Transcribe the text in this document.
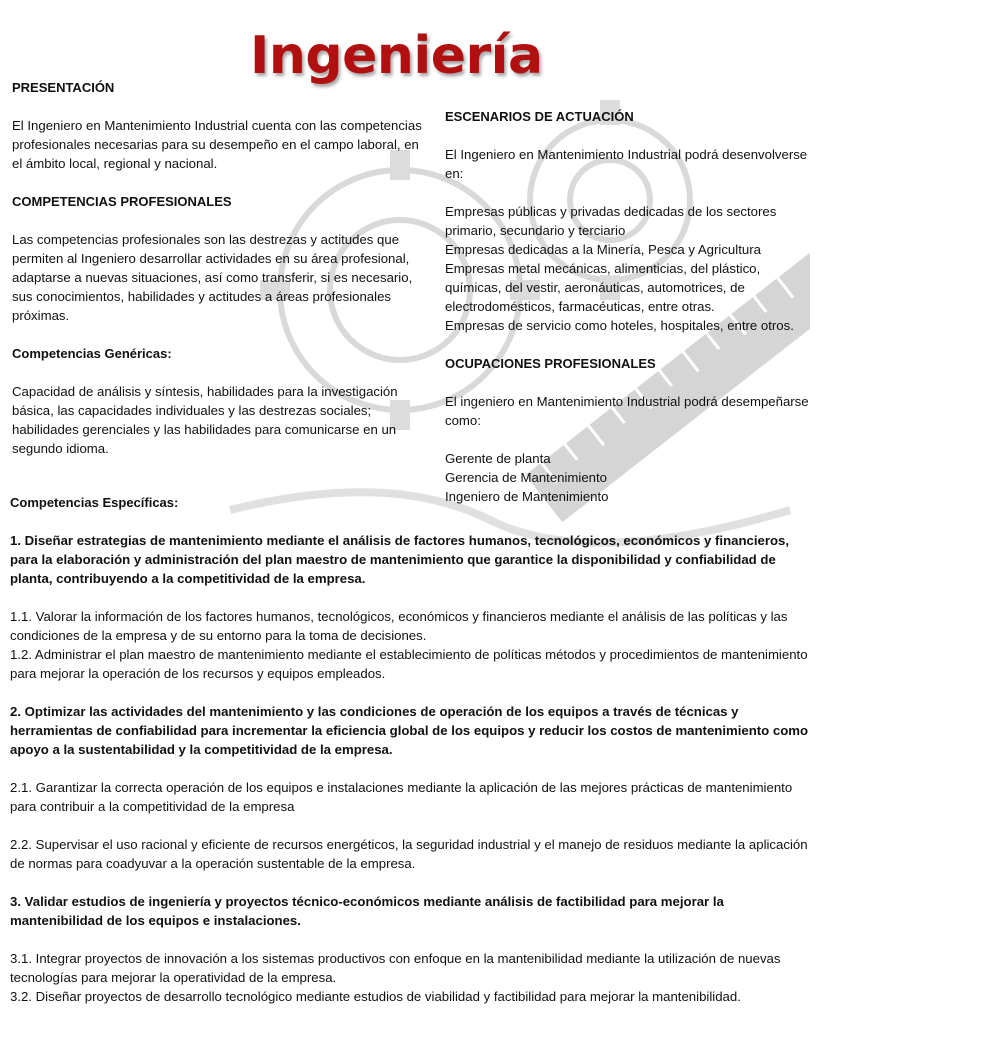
Ingeniería
PRESENTACIÓN

El Ingeniero en Mantenimiento Industrial cuenta con las competencias profesionales necesarias para su desempeño en el campo laboral, en el ámbito local, regional y nacional.

COMPETENCIAS PROFESIONALES

Las competencias profesionales son las destrezas y actitudes que permiten al Ingeniero desarrollar actividades en su área profesional, adaptarse a nuevas situaciones, así como transferir, si es necesario, sus conocimientos, habilidades y actitudes a áreas profesionales próximas.

Competencias Genéricas:

Capacidad de análisis y síntesis, habilidades para la investigación básica, las capacidades individuales y las destrezas sociales; habilidades gerenciales y las habilidades para comunicarse en un segundo idioma.

ESCENARIOS DE ACTUACIÓN

El Ingeniero en Mantenimiento Industrial podrá desenvolverse en:

Empresas públicas y privadas dedicadas de los sectores primario, secundario y terciario
Empresas dedicadas a la Minería, Pesca y Agricultura
Empresas metal mecánicas, alimenticias, del plástico, químicas, del vestir, aeronáuticas, automotrices, de electrodomésticos, farmacéuticas, entre otras.
Empresas de servicio como hoteles, hospitales, entre otros.
OCUPACIONES PROFESIONALES

El ingeniero en Mantenimiento Industrial podrá desempeñarse como:

Gerente de planta
Gerencia de Mantenimiento
Ingeniero de Mantenimiento
Competencias Específicas:

1. Diseñar estrategias de mantenimiento mediante el análisis de factores humanos, tecnológicos, económicos y financieros, para la elaboración y administración del plan maestro de mantenimiento que garantice la disponibilidad y confiabilidad de planta, contribuyendo a la competitividad de la empresa.

1.1. Valorar la información de los factores humanos, tecnológicos, económicos y financieros mediante el análisis de las políticas y las condiciones de la empresa y de su entorno para la toma de decisiones.

1.2. Administrar el plan maestro de mantenimiento mediante el establecimiento de políticas métodos y procedimientos de mantenimiento para mejorar la operación de los recursos y equipos empleados.

2. Optimizar las actividades del mantenimiento y las condiciones de operación de los equipos a través de técnicas y herramientas de confiabilidad para incrementar la eficiencia global de los equipos y reducir los costos de mantenimiento como apoyo a la sustentabilidad y la competitividad de la empresa.

2.1. Garantizar la correcta operación de los equipos e instalaciones mediante la aplicación de las mejores prácticas de mantenimiento para contribuir a la competitividad de la empresa

2.2. Supervisar el uso racional y eficiente de recursos energéticos, la seguridad industrial y el manejo de residuos mediante la aplicación de normas para coadyuvar a la operación sustentable de la empresa.

3. Validar estudios de ingeniería y proyectos técnico-económicos mediante análisis de factibilidad para mejorar la mantenibilidad de los equipos e instalaciones.

3.1. Integrar proyectos de innovación a los sistemas productivos con enfoque en la mantenibilidad mediante la utilización de nuevas tecnologías para mejorar la operatividad de la empresa.

3.2. Diseñar proyectos de desarrollo tecnológico mediante estudios de viabilidad y factibilidad para mejorar la mantenibilidad.
